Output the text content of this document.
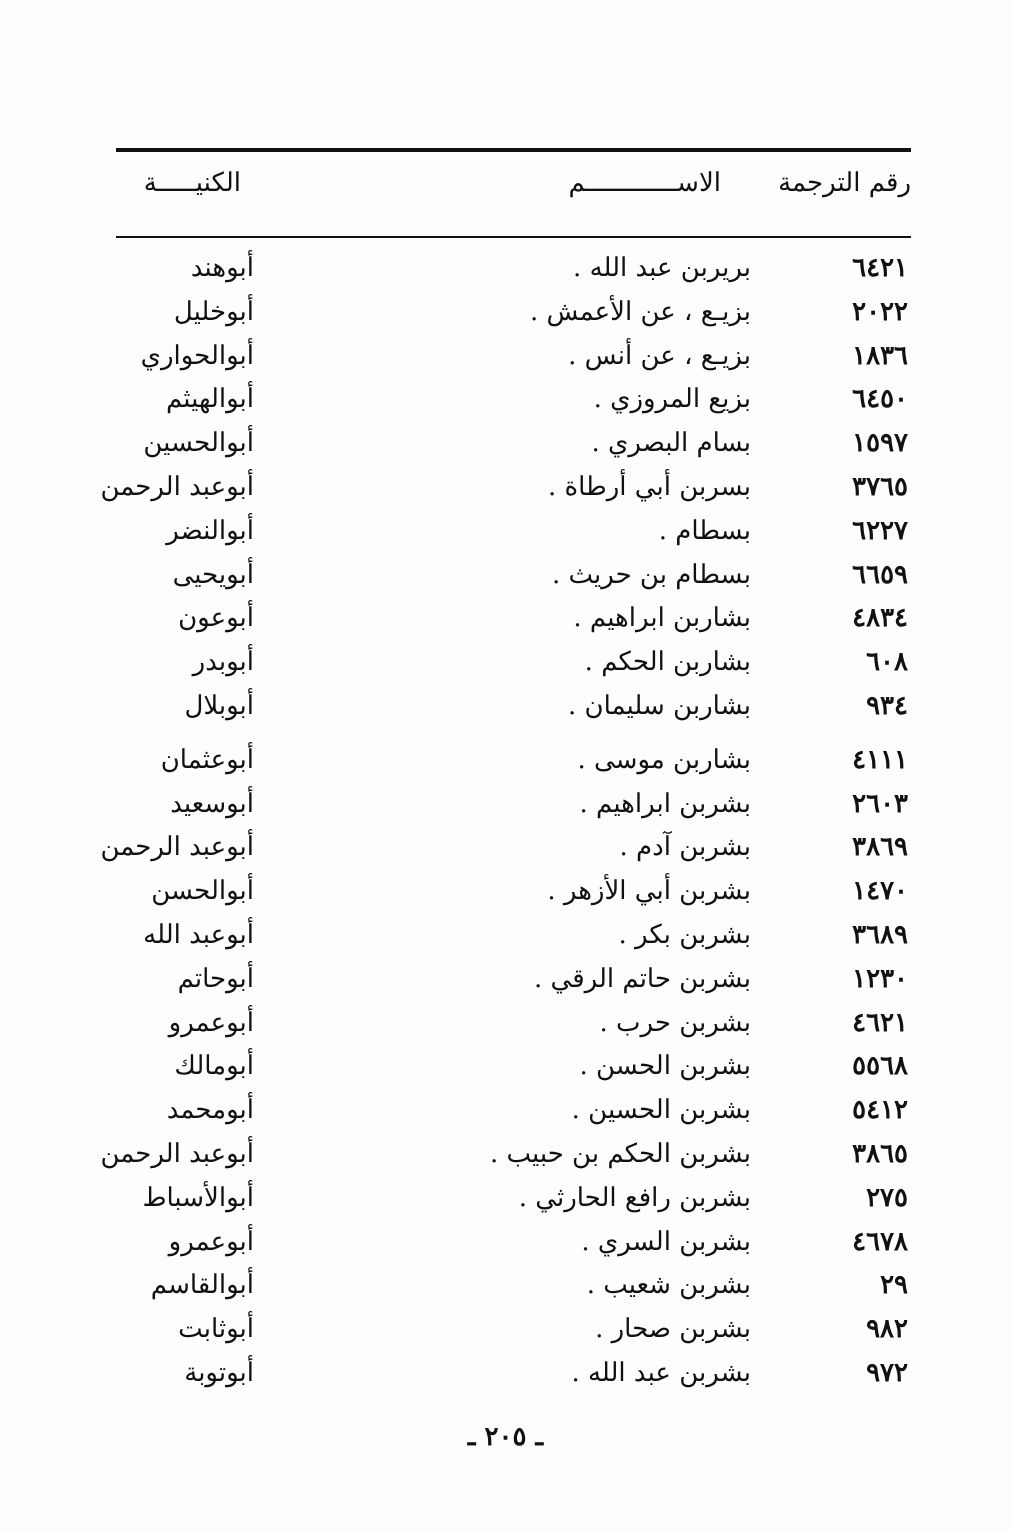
رقم الترجمة
الاســــــــــــم
الكنيـــــة
٦٤٢١
بريربن عبد الله .
أبوهند
٢٠٢٢
بزيـع ، عن الأعمش .
أبوخليل
١٨٣٦
بزيـع ، عن أنس .
أبوالحواري
٦٤٥٠
بزيع المروزي .
أبوالهيثم
١٥٩٧
بسام البصري .
أبوالحسين
٣٧٦٥
بسربن أبي أرطاة .
أبوعبد الرحمن
٦٢٢٧
بسطام .
أبوالنضر
٦٦٥٩
بسطام بن حريث .
أبويحيى
٤٨٣٤
بشاربن ابراهيم .
أبوعون
٦٠٨
بشاربن الحكم .
أبوبدر
٩٣٤
بشاربن سليمان .
أبوبلال
٤١١١
بشاربن موسى .
أبوعثمان
٢٦٠٣
بشربن ابراهيم .
أبوسعيد
٣٨٦٩
بشربن آدم .
أبوعبد الرحمن
١٤٧٠
بشربن أبي الأزهر .
أبوالحسن
٣٦٨٩
بشربن بكر .
أبوعبد الله
١٢٣٠
بشربن حاتم الرقي .
أبوحاتم
٤٦٢١
بشربن حرب .
أبوعمرو
٥٥٦٨
بشربن الحسن .
أبومالك
٥٤١٢
بشربن الحسين .
أبومحمد
٣٨٦٥
بشربن الحكم بن حبيب .
أبوعبد الرحمن
٢٧٥
بشربن رافع الحارثي .
أبوالأسباط
٤٦٧٨
بشربن السري .
أبوعمرو
٢٩
بشربن شعيب .
أبوالقاسم
٩٨٢
بشربن صحار .
أبوثابت
٩٧٢
بشربن عبد الله .
أبوتوبة
ـ ٢٠٥ ـ
